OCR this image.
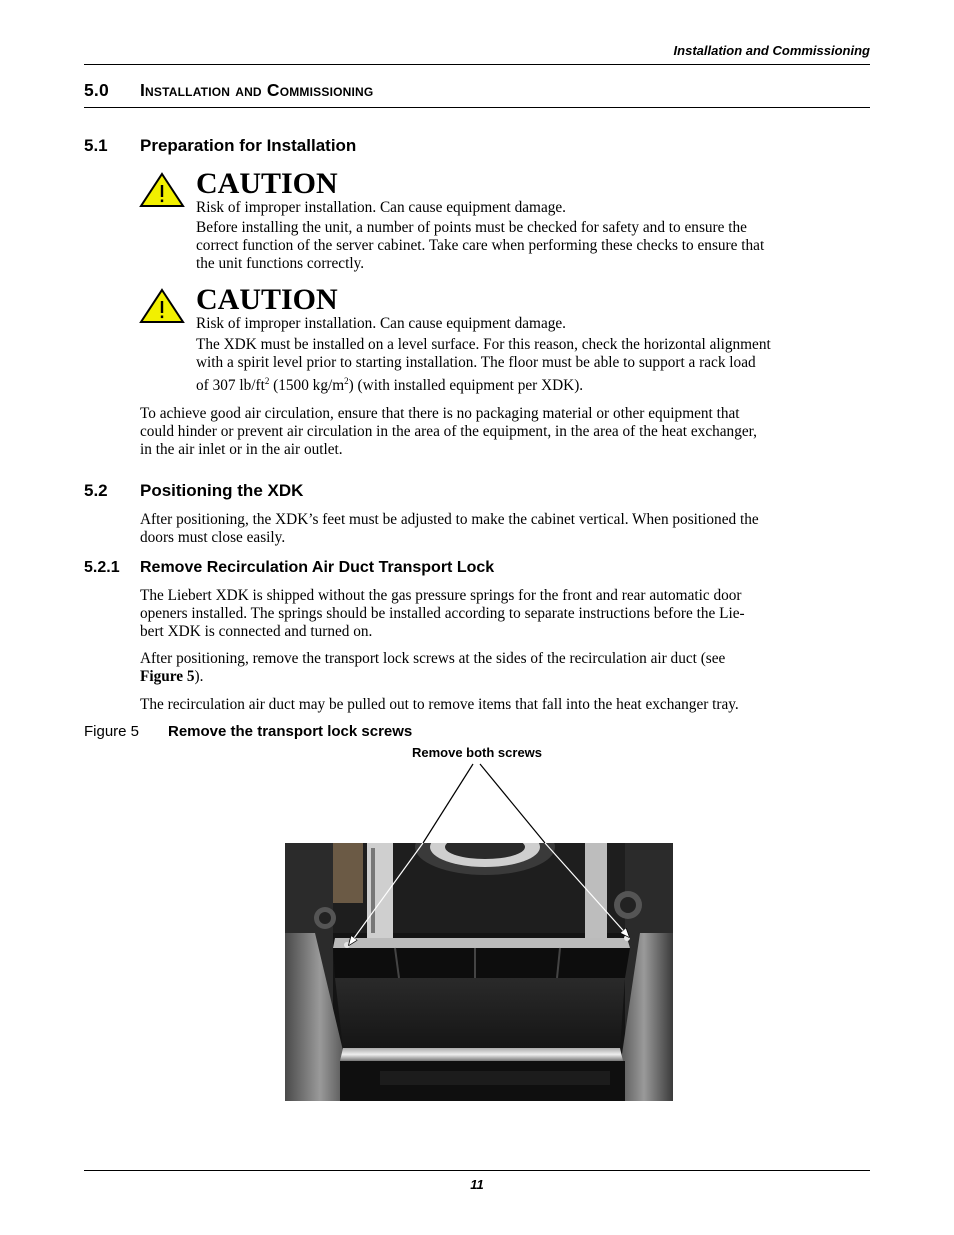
Installation and Commissioning
5.0 Installation and Commissioning
5.1 Preparation for Installation
CAUTION
Risk of improper installation. Can cause equipment damage.
Before installing the unit, a number of points must be checked for safety and to ensure the
correct function of the server cabinet. Take care when performing these checks to ensure that
the unit functions correctly.
CAUTION
Risk of improper installation. Can cause equipment damage.
The XDK must be installed on a level surface. For this reason, check the horizontal alignment
with a spirit level prior to starting installation. The floor must be able to support a rack load
of 307 $lb/ft^2$ (1500 $kg/m^2$) (with installed equipment per XDK).
To achieve good air circulation, ensure that there is no packaging material or other equipment that
could hinder or prevent air circulation in the area of the equipment, in the area of the heat exchanger,
in the air inlet or in the air outlet.
5.2 Positioning the XDK
After positioning, the XDK’s feet must be adjusted to make the cabinet vertical. When positioned the
doors must close easily.
5.2.1 Remove Recirculation Air Duct Transport Lock
The Liebert XDK is shipped without the gas pressure springs for the front and rear automatic door
openers installed. The springs should be installed according to separate instructions before the Lie-
bert XDK is connected and turned on.
After positioning, remove the transport lock screws at the sides of the recirculation air duct (see
Figure 5).
The recirculation air duct may be pulled out to remove items that fall into the heat exchanger tray.
Figure 5 Remove the transport lock screws
Remove both screws
11
